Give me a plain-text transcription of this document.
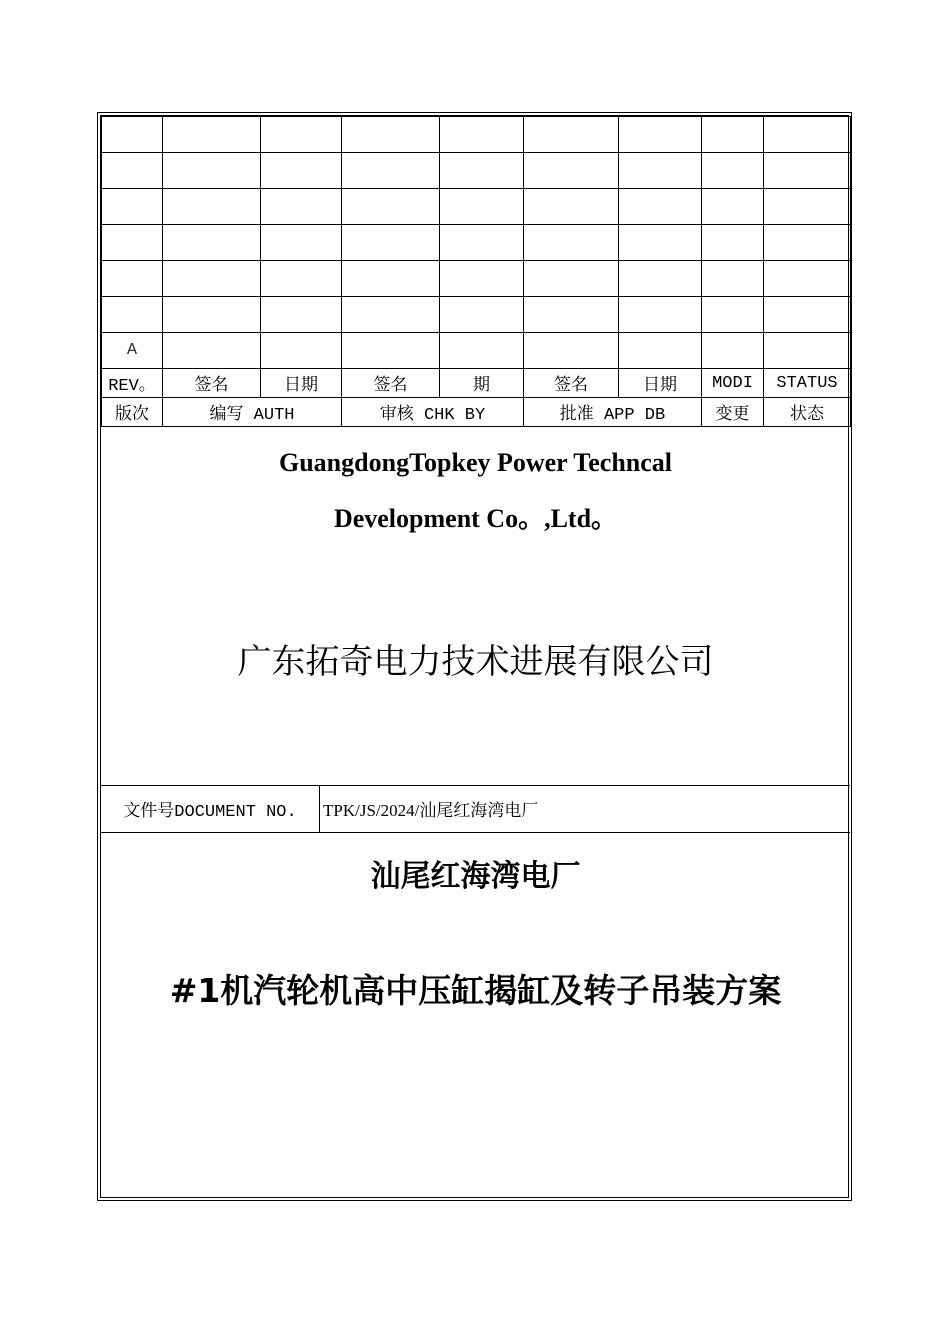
A								
REV。	签名	日期	签名	期	签名	日期	MODI	STATUS
版次	编写 AUTH		审核 CHK BY		批准 APP DB		变更	状态
GuangdongTopkey Power Techncal
Development Co。,Ltd。
广东拓奇电力技术进展有限公司
文件号DOCUMENT NO.	TPK/JS/2024/汕尾红海湾电厂
汕尾红海湾电厂
#1机汽轮机高中压缸揭缸及转子吊装方案
